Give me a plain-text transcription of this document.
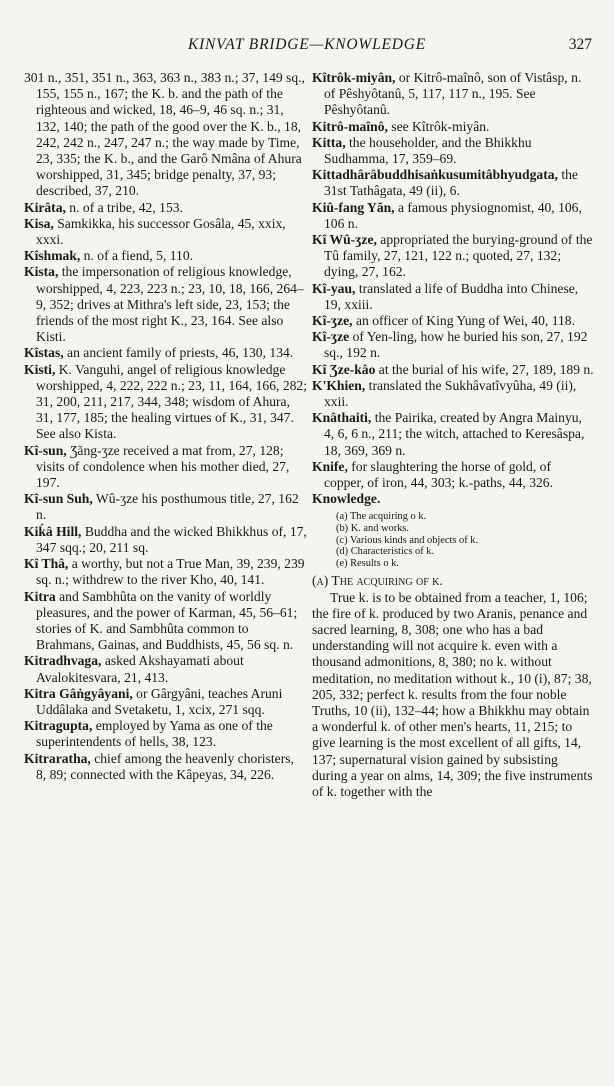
KINVAT BRIDGE—KNOWLEDGE	327

301 n., 351, 351 n., 363, 363 n., 383 n.; 37, 149 sq., 155, 155 n., 167; the K. b. and the path of the righteous and wicked, 18, 46–9, 46 sq. n.; 31, 132, 140; the path of the good over the K. b., 18, 242, 242 n., 247, 247 n.; the way made by Time, 23, 335; the K. b., and the Garô Nmâna of Ahura worshipped, 31, 345; bridge penalty, 37, 93; described, 37, 210.

Kirâta, n. of a tribe, 42, 153.

Kisa, Samkikka, his successor Gosâla, 45, xxix, xxxi.

Kîshmak, n. of a fiend, 5, 110.

Kista, the impersonation of religious knowledge, worshipped, 4, 223, 223 n.; 23, 10, 18, 166, 264–9, 352; drives at Mithra's left side, 23, 153; the friends of the most right K., 23, 164. See also Kisti.

Kîstas, an ancient family of priests, 46, 130, 134.

Kisti, K. Vanguhi, angel of religious knowledge worshipped, 4, 222, 222 n.; 23, 11, 164, 166, 282; 31, 200, 211, 217, 344, 348; wisdom of Ahura, 31, 177, 185; the healing virtues of K., 31, 347. See also Kista.

Kî-sun, Ʒăng-ʒze received a mat from, 27, 128; visits of condolence when his mother died, 27, 197.

Kî-sun Suh, Wû-ʒze his posthumous title, 27, 162 n.

Kiḱâ Hill, Buddha and the wicked Bhikkhus of, 17, 347 sqq.; 20, 211 sq.

Kî Thâ, a worthy, but not a True Man, 39, 239, 239 sq. n.; withdrew to the river Kho, 40, 141.

Kitra and Sambhûta on the vanity of worldly pleasures, and the power of Karman, 45, 56–61; stories of K. and Sambhûta common to Brahmans, Gainas, and Buddhists, 45, 56 sq. n.

Kitradhvaga, asked Akshayamati about Avalokitesvara, 21, 413.

Kitra Gâṅgyâyani, or Gârgyâni, teaches Aruni Uddâlaka and Svetaketu, 1, xcix, 271 sqq.

Kitragupta, employed by Yama as one of the superintendents of hells, 38, 123.

Kitraratha, chief among the heavenly choristers, 8, 89; connected with the Kâpeyas, 34, 226.

Kîtrôk-miyân, or Kitrô-maînô, son of Vistâsp, n. of Pêshyôtanû, 5, 117, 117 n., 195. See Pêshyôtanû.

Kitrô-maînô, see Kîtrôk-miyân.

Kitta, the householder, and the Bhikkhu Sudhamma, 17, 359–69.

Kittadhârâbuddhisaṅkusumitâbhyudgata, the 31st Tathâgata, 49 (ii), 6.

Kiû-fang Yăn, a famous physiognomist, 40, 106, 106 n.

Kî Wû-ʒze, appropriated the burying-ground of the Tû family, 27, 121, 122 n.; quoted, 27, 132; dying, 27, 162.

Kî-yau, translated a life of Buddha into Chinese, 19, xxiii.

Kî-ʒze, an officer of King Yung of Wei, 40, 118.

Kî-ʒze of Yen-ling, how he buried his son, 27, 192 sq., 192 n.

Kî Ʒze-kâo at the burial of his wife, 27, 189, 189 n.

K'Khien, translated the Sukhâvatîvyûha, 49 (ii), xxii.

Knâthaiti, the Pairika, created by Angra Mainyu, 4, 6, 6 n., 211; the witch, attached to Keresâspa, 18, 369, 369 n.

Knife, for slaughtering the horse of gold, of copper, of iron, 44, 303; k.-paths, 44, 326.

Knowledge.

(a) The acquiring o k.
(b) K. and works.
(c) Various kinds and objects of k.
(d) Characteristics of k.
(e) Results o k.

(a) The acquiring of k.

True k. is to be obtained from a teacher, 1, 106; the fire of k. produced by two Aranis, penance and sacred learning, 8, 308; one who has a bad understanding will not acquire k. even with a thousand admonitions, 8, 380; no k. without meditation, no meditation without k., 10 (i), 87; 38, 205, 332; perfect k. results from the four noble Truths, 10 (ii), 132–44; how a Bhikkhu may obtain a wonderful k. of other men's hearts, 11, 215; to give learning is the most excellent of all gifts, 14, 137; supernatural vision gained by subsisting during a year on alms, 14, 309; the five instruments of k. together with the
